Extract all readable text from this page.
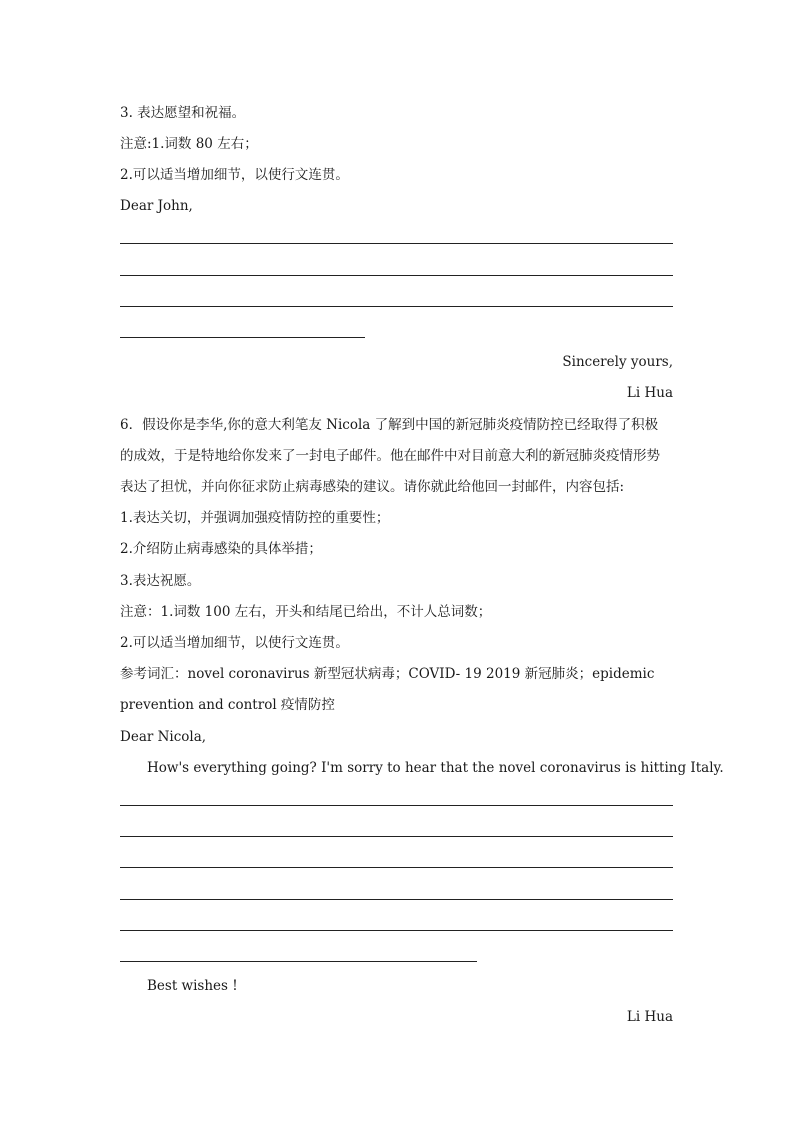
3. 表达愿望和祝福。
注意:1.词数 80 左右；
2.可以适当增加细节，以使行文连贯。
Dear John,
Sincerely yours,
Li Hua
6．假设你是李华,你的意大利笔友 Nicola 了解到中国的新冠肺炎疫情防控已经取得了积极
的成效，于是特地给你发来了一封电子邮件。他在邮件中对目前意大利的新冠肺炎疫情形势
表达了担忧，并向你征求防止病毒感染的建议。请你就此给他回一封邮件，内容包括:
1.表达关切，并强调加强疫情防控的重要性；
2.介绍防止病毒感染的具体举措；
3.表达祝愿。
注意：1.词数 100 左右，开头和结尾已给出，不计人总词数；
2.可以适当增加细节，以使行文连贯。
参考词汇：novel coronavirus 新型冠状病毒；COVID- 19 2019 新冠肺炎；epidemic
prevention and control 疫情防控
Dear Nicola,
How's everything going? I'm sorry to hear that the novel coronavirus is hitting Italy.
Best wishes !
Li Hua
